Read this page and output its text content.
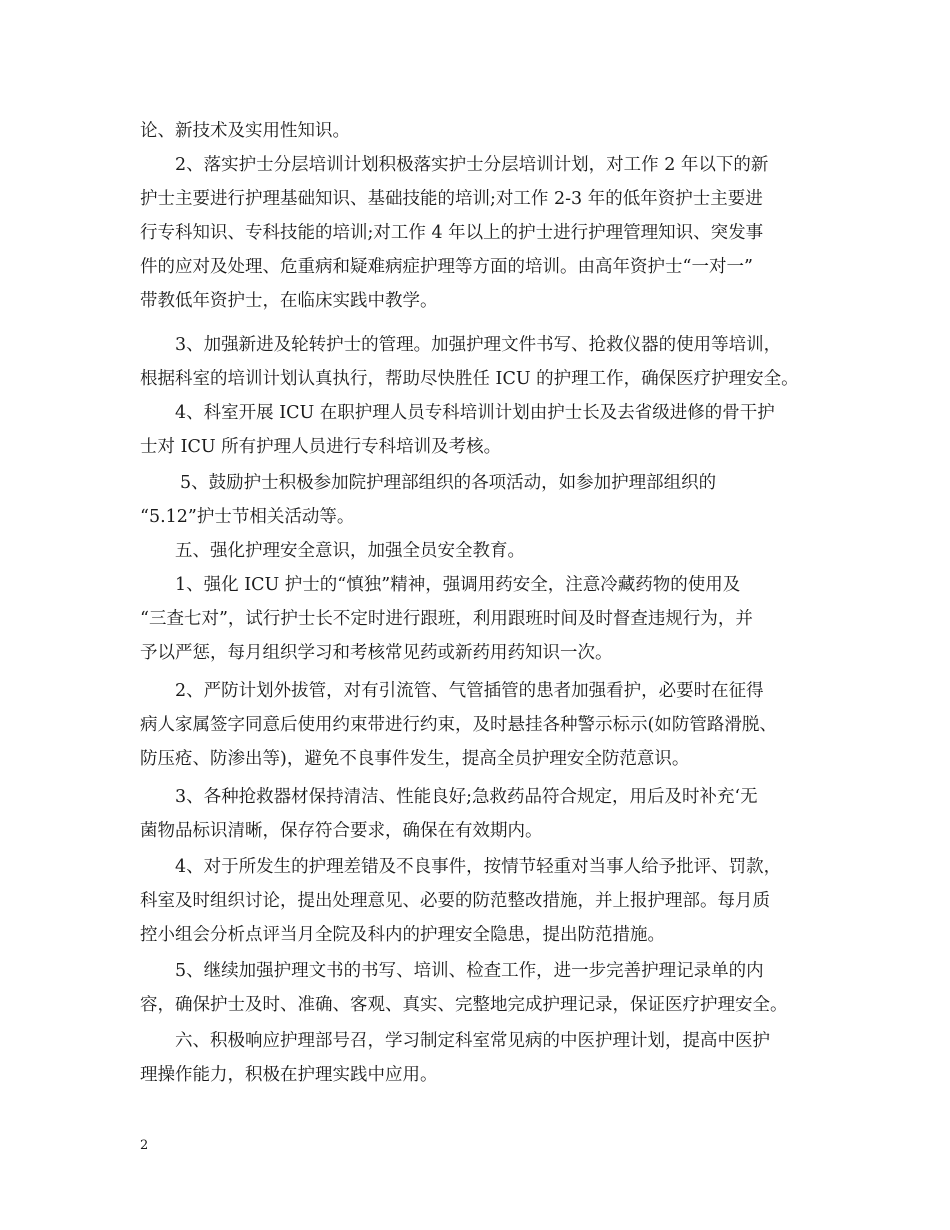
论、新技术及实用性知识。
2、落实护士分层培训计划积极落实护士分层培训计划，对工作 2 年以下的新
护士主要进行护理基础知识、基础技能的培训;对工作 2-3 年的低年资护士主要进
行专科知识、专科技能的培训;对工作 4 年以上的护士进行护理管理知识、突发事
件的应对及处理、危重病和疑难病症护理等方面的培训。由高年资护士“一对一”
带教低年资护士，在临床实践中教学。
3、加强新进及轮转护士的管理。加强护理文件书写、抢救仪器的使用等培训，
根据科室的培训计划认真执行，帮助尽快胜任 ICU 的护理工作，确保医疗护理安全。
4、科室开展 ICU 在职护理人员专科培训计划由护士长及去省级进修的骨干护
士对 ICU 所有护理人员进行专科培训及考核。
5、鼓励护士积极参加院护理部组织的各项活动，如参加护理部组织的
“5.12”护士节相关活动等。
五、强化护理安全意识，加强全员安全教育。
1、强化 ICU 护士的“慎独”精神，强调用药安全，注意冷藏药物的使用及
“三查七对”，试行护士长不定时进行跟班，利用跟班时间及时督查违规行为，并
予以严惩，每月组织学习和考核常见药或新药用药知识一次。
2、严防计划外拔管，对有引流管、气管插管的患者加强看护，必要时在征得
病人家属签字同意后使用约束带进行约束，及时悬挂各种警示标示(如防管路滑脱、
防压疮、防渗出等)，避免不良事件发生，提高全员护理安全防范意识。
3、各种抢救器材保持清洁、性能良好;急救药品符合规定，用后及时补充‘无
菌物品标识清晰，保存符合要求，确保在有效期内。
4、对于所发生的护理差错及不良事件，按情节轻重对当事人给予批评、罚款，
科室及时组织讨论，提出处理意见、必要的防范整改措施，并上报护理部。每月质
控小组会分析点评当月全院及科内的护理安全隐患，提出防范措施。
5、继续加强护理文书的书写、培训、检查工作，进一步完善护理记录单的内
容，确保护士及时、准确、客观、真实、完整地完成护理记录，保证医疗护理安全。
六、积极响应护理部号召，学习制定科室常见病的中医护理计划，提高中医护
理操作能力，积极在护理实践中应用。
2
